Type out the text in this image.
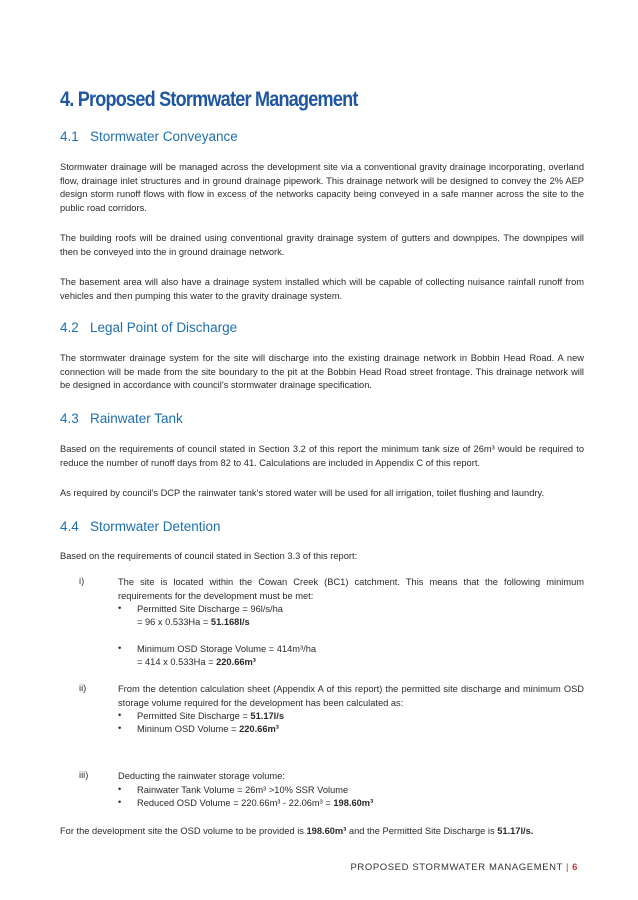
4. Proposed Stormwater Management
4.1 Stormwater Conveyance
Stormwater drainage will be managed across the development site via a conventional gravity drainage incorporating, overland flow, drainage inlet structures and in ground drainage pipework. This drainage network will be designed to convey the 2% AEP design storm runoff flows with flow in excess of the networks capacity being conveyed in a safe manner across the site to the public road corridors.
The building roofs will be drained using conventional gravity drainage system of gutters and downpipes. The downpipes will then be conveyed into the in ground drainage network.
The basement area will also have a drainage system installed which will be capable of collecting nuisance rainfall runoff from vehicles and then pumping this water to the gravity drainage system.
4.2 Legal Point of Discharge
The stormwater drainage system for the site will discharge into the existing drainage network in Bobbin Head Road. A new connection will be made from the site boundary to the pit at the Bobbin Head Road street frontage. This drainage network will be designed in accordance with council’s stormwater drainage specification.
4.3 Rainwater Tank
Based on the requirements of council stated in Section 3.2 of this report the minimum tank size of 26m³ would be required to reduce the number of runoff days from 82 to 41. Calculations are included in Appendix C of this report.
As required by council’s DCP the rainwater tank’s stored water will be used for all irrigation, toilet flushing and laundry.
4.4 Stormwater Detention
Based on the requirements of council stated in Section 3.3 of this report:
i)	The site is located within the Cowan Creek (BC1) catchment. This means that the following minimum requirements for the development must be met:
• Permitted Site Discharge = 96l/s/ha
= 96 x 0.533Ha = 51.168l/s
• Minimum OSD Storage Volume = 414m³/ha
= 414 x 0.533Ha = 220.66m³
ii)	From the detention calculation sheet (Appendix A of this report) the permitted site discharge and minimum OSD storage volume required for the development has been calculated as:
• Permitted Site Discharge = 51.17l/s
• Mininum OSD Volume = 220.66m³
iii)	Deducting the rainwater storage volume:
• Rainwater Tank Volume = 26m³ >10% SSR Volume
• Reduced OSD Volume = 220.66m³ - 22.06m³ = 198.60m³
For the development site the OSD volume to be provided is 198.60m³ and the Permitted Site Discharge is 51.17l/s.
PROPOSED STORMWATER MANAGEMENT | 6
